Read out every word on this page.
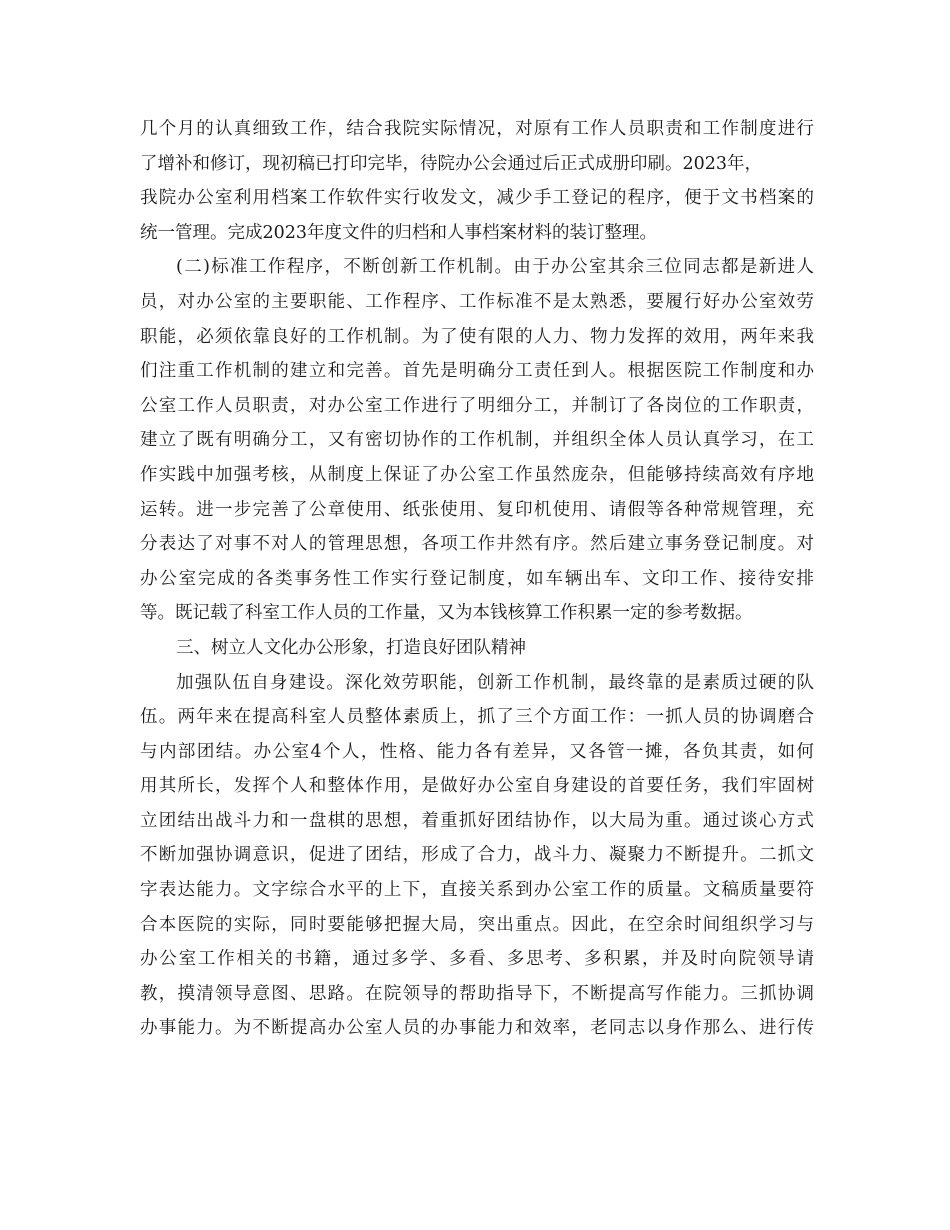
几个月的认真细致工作，结合我院实际情况，对原有工作人员职责和工作制度进行
了增补和修订，现初稿已打印完毕，待院办公会通过后正式成册印刷。2023年，
我院办公室利用档案工作软件实行收发文，减少手工登记的程序，便于文书档案的
统一管理。完成2023年度文件的归档和人事档案材料的装订整理。
(二)标准工作程序，不断创新工作机制。由于办公室其余三位同志都是新进人
员，对办公室的主要职能、工作程序、工作标准不是太熟悉，要履行好办公室效劳
职能，必须依靠良好的工作机制。为了使有限的人力、物力发挥的效用，两年来我
们注重工作机制的建立和完善。首先是明确分工责任到人。根据医院工作制度和办
公室工作人员职责，对办公室工作进行了明细分工，并制订了各岗位的工作职责，
建立了既有明确分工，又有密切协作的工作机制，并组织全体人员认真学习，在工
作实践中加强考核，从制度上保证了办公室工作虽然庞杂，但能够持续高效有序地
运转。进一步完善了公章使用、纸张使用、复印机使用、请假等各种常规管理，充
分表达了对事不对人的管理思想，各项工作井然有序。然后建立事务登记制度。对
办公室完成的各类事务性工作实行登记制度，如车辆出车、文印工作、接待安排
等。既记载了科室工作人员的工作量，又为本钱核算工作积累一定的参考数据。
三、树立人文化办公形象，打造良好团队精神
加强队伍自身建设。深化效劳职能，创新工作机制，最终靠的是素质过硬的队
伍。两年来在提高科室人员整体素质上，抓了三个方面工作：一抓人员的协调磨合
与内部团结。办公室4个人，性格、能力各有差异，又各管一摊，各负其责，如何
用其所长，发挥个人和整体作用，是做好办公室自身建设的首要任务，我们牢固树
立团结出战斗力和一盘棋的思想，着重抓好团结协作，以大局为重。通过谈心方式
不断加强协调意识，促进了团结，形成了合力，战斗力、凝聚力不断提升。二抓文
字表达能力。文字综合水平的上下，直接关系到办公室工作的质量。文稿质量要符
合本医院的实际，同时要能够把握大局，突出重点。因此，在空余时间组织学习与
办公室工作相关的书籍，通过多学、多看、多思考、多积累，并及时向院领导请
教，摸清领导意图、思路。在院领导的帮助指导下，不断提高写作能力。三抓协调
办事能力。为不断提高办公室人员的办事能力和效率，老同志以身作那么、进行传
